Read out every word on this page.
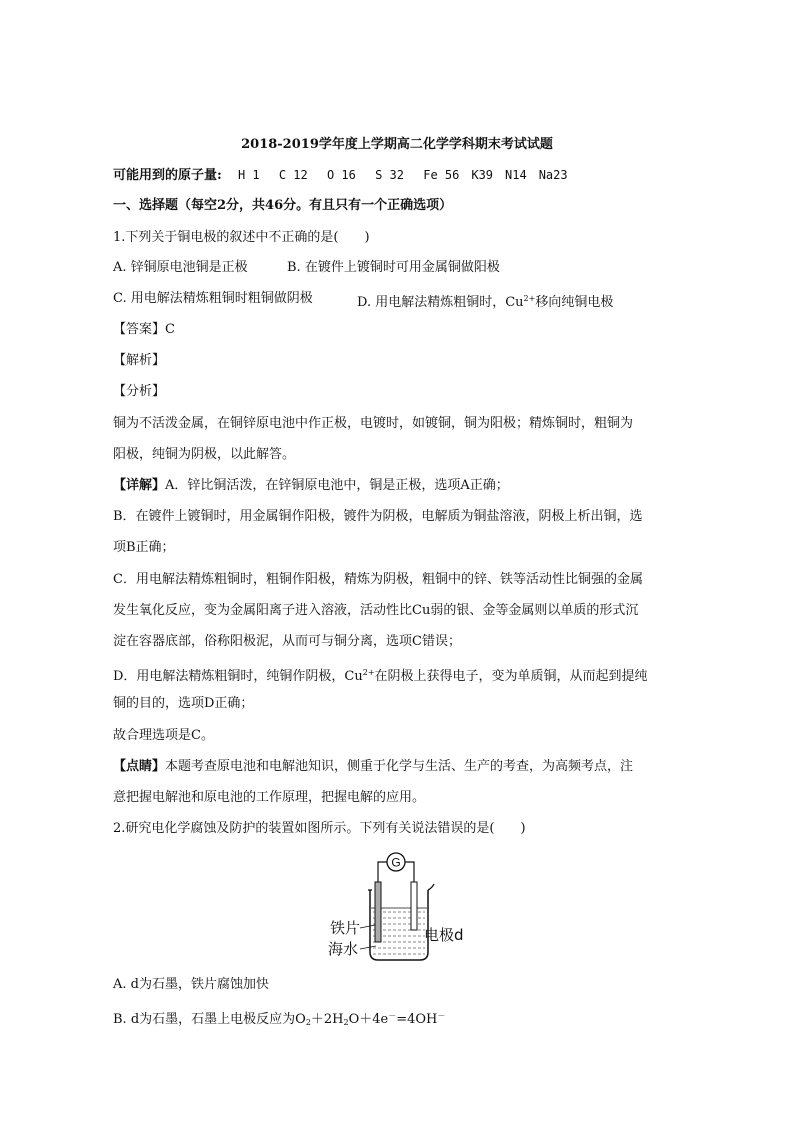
2018-2019学年度上学期高二化学学科期末考试试题
可能用到的原子量: H 1　 C 12　 O 16　 S 32　 Fe 56　K39　N14　Na23
一、选择题（每空2分，共46分。有且只有一个正确选项）
1.下列关于铜电极的叙述中不正确的是(　　)
A. 锌铜原电池铜是正极	B. 在镀件上镀铜时可用金属铜做阳极
C. 用电解法精炼粗铜时粗铜做阴极	D. 用电解法精炼粗铜时，$Cu^{2+}$移向纯铜电极
【答案】C
【解析】
【分析】
铜为不活泼金属，在铜锌原电池中作正极，电镀时，如镀铜，铜为阳极；精炼铜时，粗铜为
阳极，纯铜为阴极，以此解答。
【详解】A．锌比铜活泼，在锌铜原电池中，铜是正极，选项A正确；
B．在镀件上镀铜时，用金属铜作阳极，镀件为阴极，电解质为铜盐溶液，阴极上析出铜，选
项B正确；
C．用电解法精炼粗铜时，粗铜作阳极，精炼为阴极，粗铜中的锌、铁等活动性比铜强的金属
发生氧化反应，变为金属阳离子进入溶液，活动性比Cu弱的银、金等金属则以单质的形式沉
淀在容器底部，俗称阳极泥，从而可与铜分离，选项C错误；
D．用电解法精炼粗铜时，纯铜作阴极，$Cu^{2+}$在阴极上获得电子，变为单质铜，从而起到提纯
铜的目的，选项D正确；
故合理选项是C。
【点睛】本题考查原电池和电解池知识，侧重于化学与生活、生产的考查，为高频考点，注
意把握电解池和原电池的工作原理，把握电解的应用。
2.研究电化学腐蚀及防护的装置如图所示。下列有关说法错误的是(　　)
G
铁片
海水
电极d
A. d为石墨，铁片腐蚀加快
B. d为石墨，石墨上电极反应为$O_2+2H_2O+4e^-=4OH^-$
